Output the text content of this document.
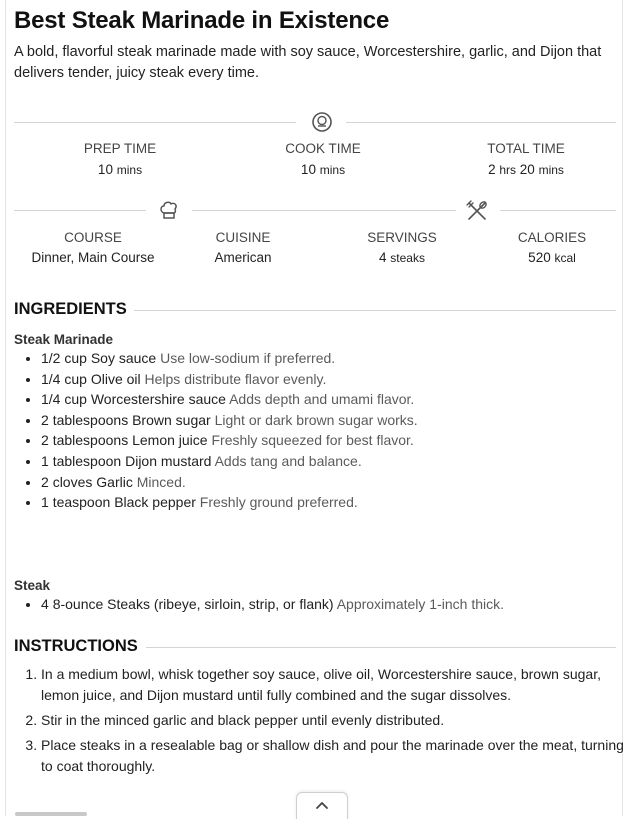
Best Steak Marinade in Existence
A bold, flavorful steak marinade made with soy sauce, Worcestershire, garlic, and Dijon that delivers tender, juicy steak every time.
PREP TIME
10 mins
COOK TIME
10 mins
TOTAL TIME
2 hrs 20 mins
COURSE
Dinner, Main Course
CUISINE
American
SERVINGS
4 steaks
CALORIES
520 kcal
INGREDIENTS
Steak Marinade
• 1/2 cup Soy sauce Use low-sodium if preferred.
• 1/4 cup Olive oil Helps distribute flavor evenly.
• 1/4 cup Worcestershire sauce Adds depth and umami flavor.
• 2 tablespoons Brown sugar Light or dark brown sugar works.
• 2 tablespoons Lemon juice Freshly squeezed for best flavor.
• 1 tablespoon Dijon mustard Adds tang and balance.
• 2 cloves Garlic Minced.
• 1 teaspoon Black pepper Freshly ground preferred.
Steak
• 4 8-ounce Steaks (ribeye, sirloin, strip, or flank) Approximately 1-inch thick.
INSTRUCTIONS
1. In a medium bowl, whisk together soy sauce, olive oil, Worcestershire sauce, brown sugar, lemon juice, and Dijon mustard until fully combined and the sugar dissolves.
2. Stir in the minced garlic and black pepper until evenly distributed.
3. Place steaks in a resealable bag or shallow dish and pour the marinade over the meat, turning to coat thoroughly.
